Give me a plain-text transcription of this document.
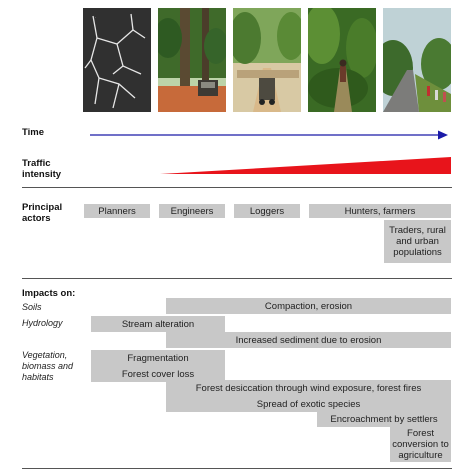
.
Time
Traffic intensity
Principal actors
Planners	Engineers	Loggers	Hunters, farmers
Traders, rural and urban populations
Impacts on:
Soils	Compaction, erosion
Hydrology	Stream alteration
Increased sediment due to erosion
Vegetation, biomass and habitats
Fragmentation
Forest cover loss
Forest desiccation through wind exposure, forest fires
Spread of exotic species
Encroachment by settlers
Forest conversion to agriculture
